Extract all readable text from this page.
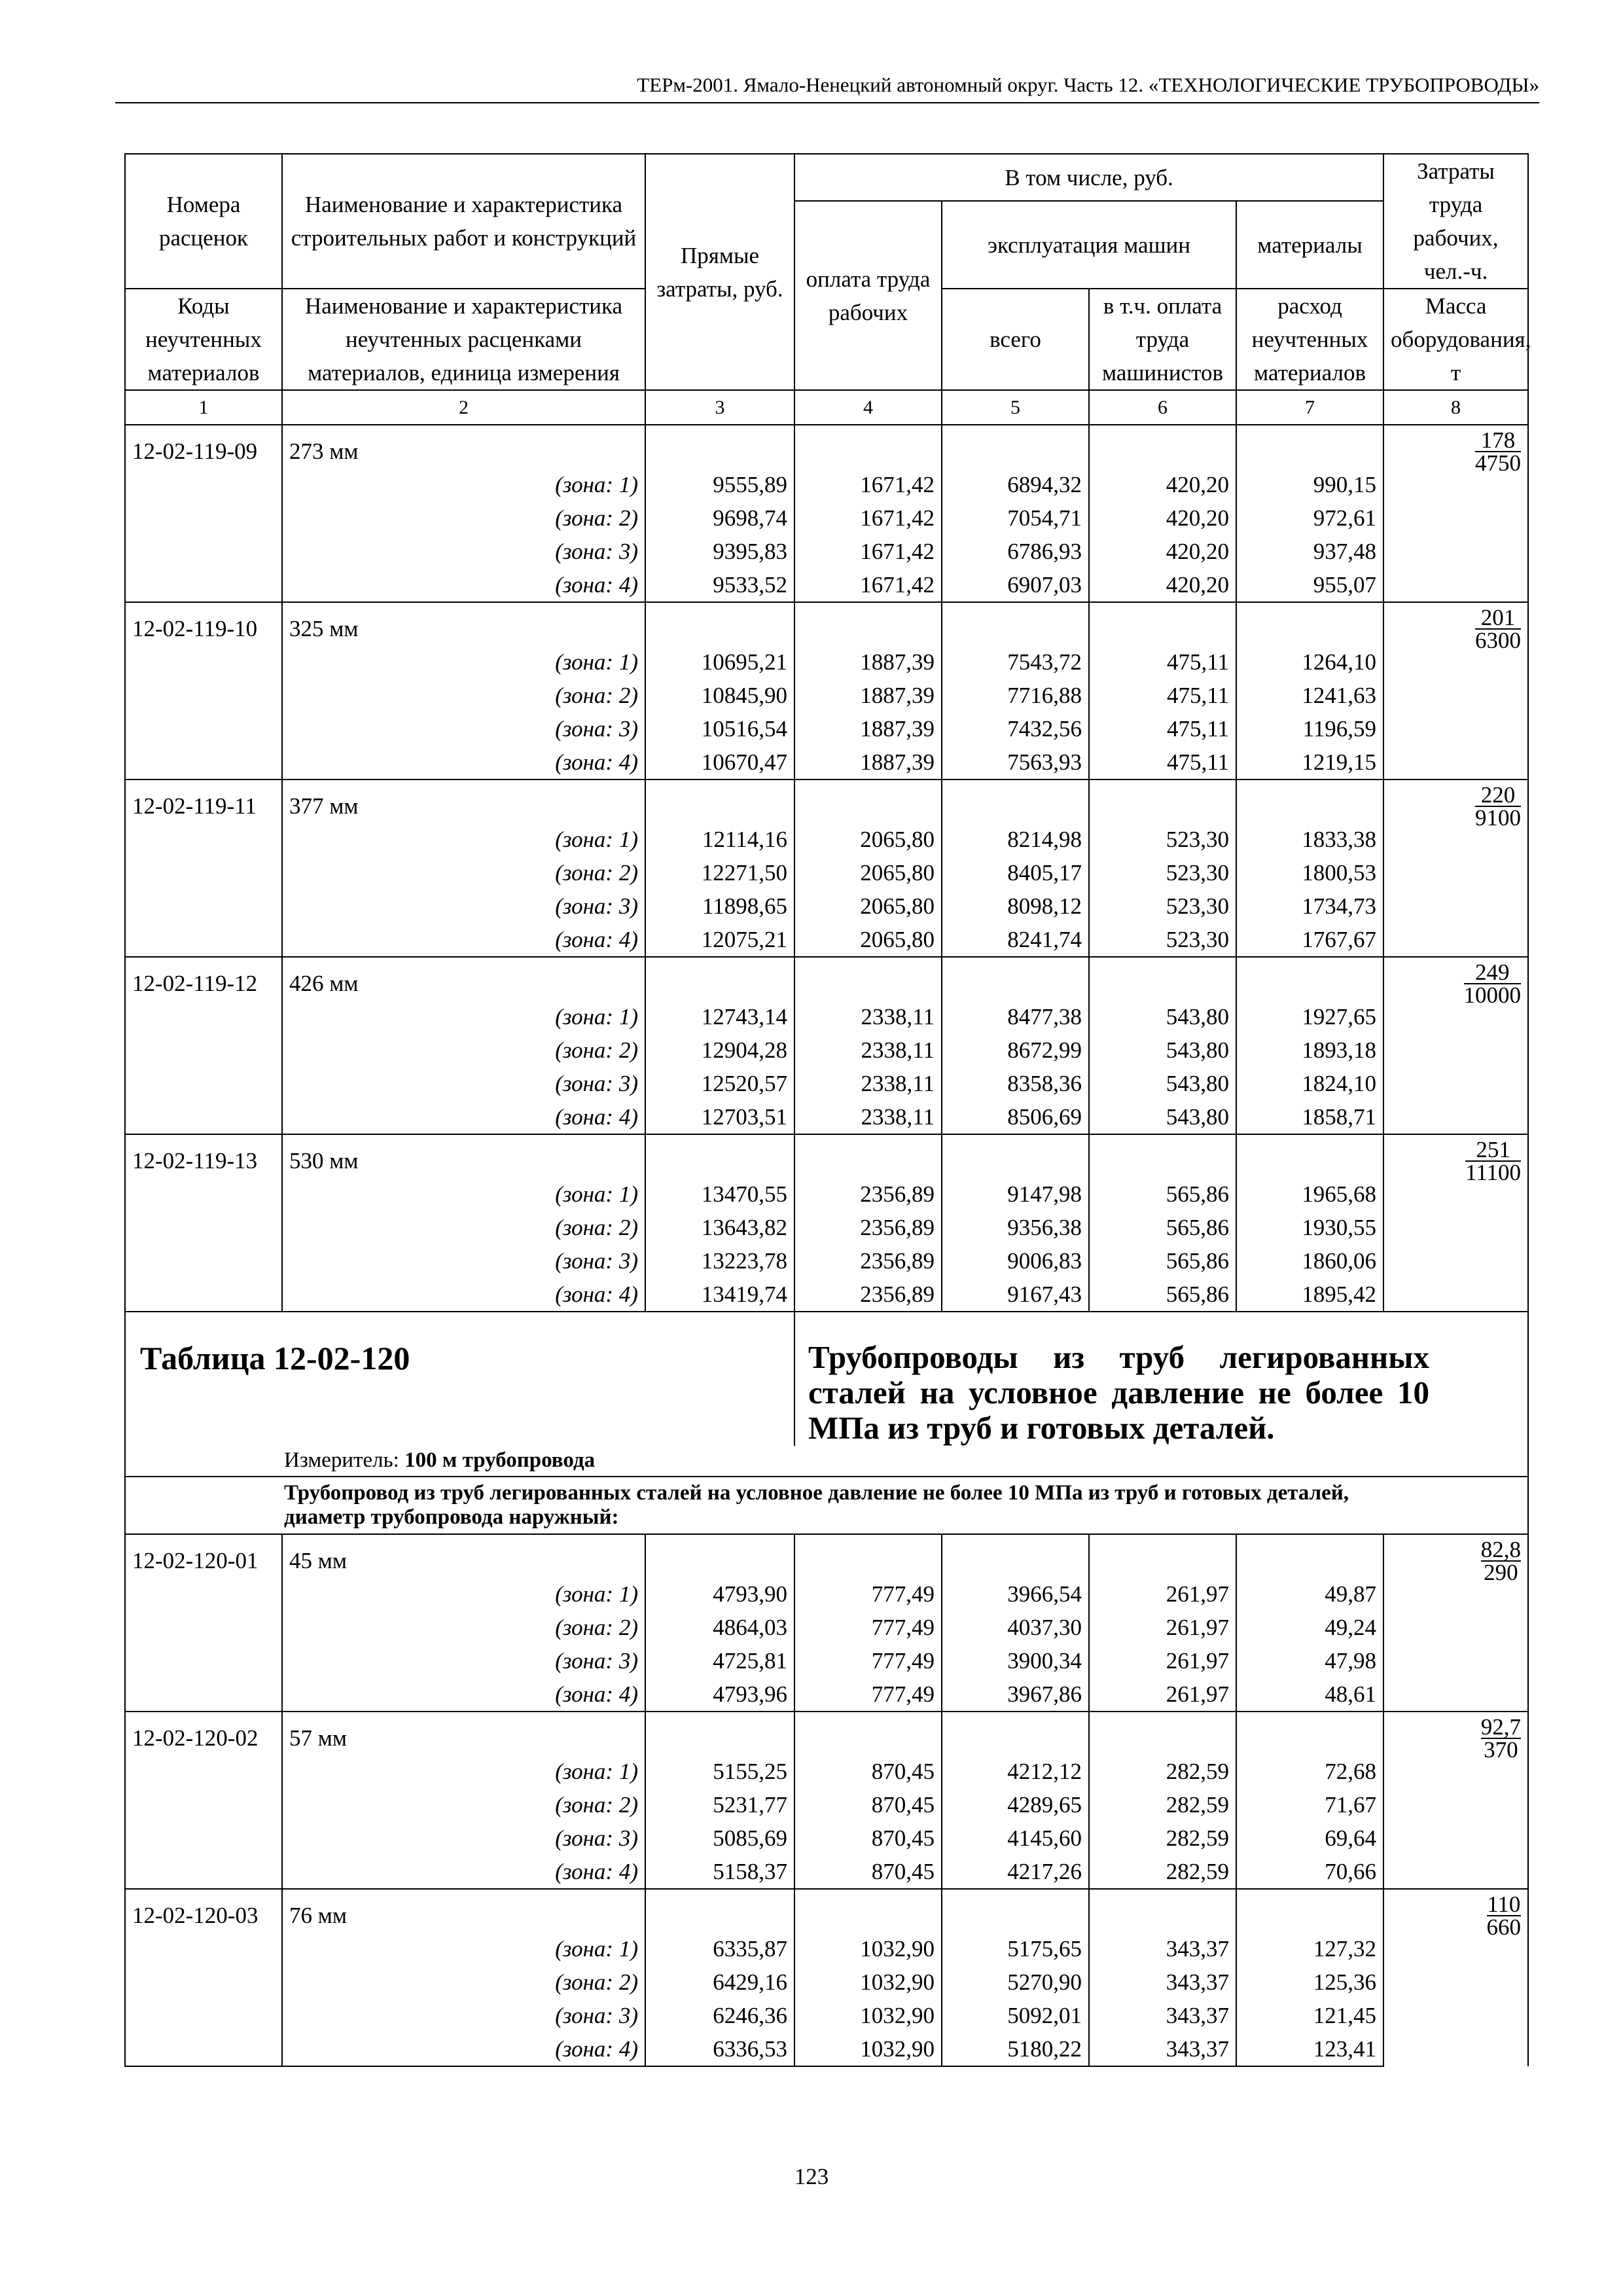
ТЕРм-2001. Ямало-Ненецкий автономный округ. Часть 12. «ТЕХНОЛОГИЧЕСКИЕ ТРУБОПРОВОДЫ»
Номера расценок	Наименование и характеристика строительных работ и конструкций	Прямые затраты, руб.	В том числе, руб.				Затраты труда рабочих, чел.-ч.
			оплата труда рабочих	эксплуатация машин		материалы	
Коды неучтенных материалов	Наименование и характеристика неучтенных расценками материалов, единица измерения			всего	в т.ч. оплата труда машинистов	расход неучтенных материалов	Масса оборудования, т
1	2	3	4	5	6	7	8
12-02-119-09	273 мм						$\frac{178}{4750}$

	(зона: 1)	9555,89	1671,42	6894,32	420,20	990,15	
	(зона: 2)	9698,74	1671,42	7054,71	420,20	972,61	
	(зона: 3)	9395,83	1671,42	6786,93	420,20	937,48	
	(зона: 4)	9533,52	1671,42	6907,03	420,20	955,07	
12-02-119-10	325 мм						$\frac{201}{6300}$

	(зона: 1)	10695,21	1887,39	7543,72	475,11	1264,10	
	(зона: 2)	10845,90	1887,39	7716,88	475,11	1241,63	
	(зона: 3)	10516,54	1887,39	7432,56	475,11	1196,59	
	(зона: 4)	10670,47	1887,39	7563,93	475,11	1219,15	
12-02-119-11	377 мм						$\frac{220}{9100}$

	(зона: 1)	12114,16	2065,80	8214,98	523,30	1833,38	
	(зона: 2)	12271,50	2065,80	8405,17	523,30	1800,53	
	(зона: 3)	11898,65	2065,80	8098,12	523,30	1734,73	
	(зона: 4)	12075,21	2065,80	8241,74	523,30	1767,67	
12-02-119-12	426 мм						$\frac{249}{10000}$

	(зона: 1)	12743,14	2338,11	8477,38	543,80	1927,65	
	(зона: 2)	12904,28	2338,11	8672,99	543,80	1893,18	
	(зона: 3)	12520,57	2338,11	8358,36	543,80	1824,10	
	(зона: 4)	12703,51	2338,11	8506,69	543,80	1858,71	
12-02-119-13	530 мм						$\frac{251}{11100}$

	(зона: 1)	13470,55	2356,89	9147,98	565,86	1965,68	
	(зона: 2)	13643,82	2356,89	9356,38	565,86	1930,55	
	(зона: 3)	13223,78	2356,89	9006,83	565,86	1860,06	
	(зона: 4)	13419,74	2356,89	9167,43	565,86	1895,42	
Таблица 12-02-120			Трубопроводы из труб легированных сталей на условное давление не более 10 МПа из труб и готовых деталей.				

Измеритель: 100 м трубопровода							
Трубопровод из труб легированных сталей на условное давление не более 10 МПа из труб и готовых деталей, диаметр трубопровода наружный:							
12-02-120-01	45 мм						$\frac{82,8}{290}$

	(зона: 1)	4793,90	777,49	3966,54	261,97	49,87	
	(зона: 2)	4864,03	777,49	4037,30	261,97	49,24	
	(зона: 3)	4725,81	777,49	3900,34	261,97	47,98	
	(зона: 4)	4793,96	777,49	3967,86	261,97	48,61	
12-02-120-02	57 мм						$\frac{92,7}{370}$

	(зона: 1)	5155,25	870,45	4212,12	282,59	72,68	
	(зона: 2)	5231,77	870,45	4289,65	282,59	71,67	
	(зона: 3)	5085,69	870,45	4145,60	282,59	69,64	
	(зона: 4)	5158,37	870,45	4217,26	282,59	70,66	
12-02-120-03	76 мм						$\frac{110}{660}$

	(зона: 1)	6335,87	1032,90	5175,65	343,37	127,32	
	(зона: 2)	6429,16	1032,90	5270,90	343,37	125,36	
	(зона: 3)	6246,36	1032,90	5092,01	343,37	121,45	
	(зона: 4)	6336,53	1032,90	5180,22	343,37	123,41	
123
